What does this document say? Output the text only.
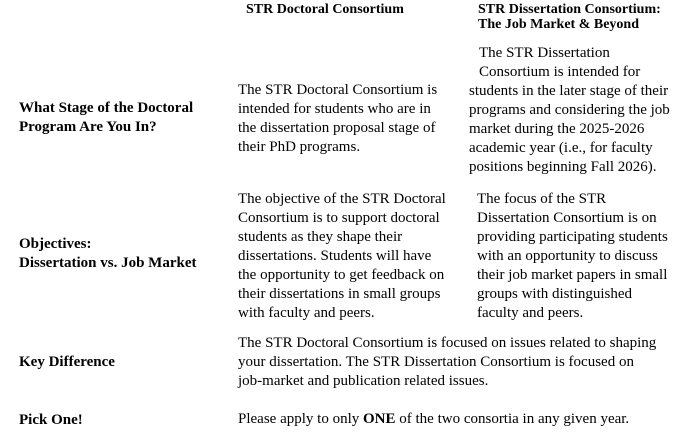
STR Doctoral Consortium	STR Dissertation Consortium:
The Job Market & Beyond
What Stage of the Doctoral
Program Are You In?

The STR Doctoral Consortium is

intended for students who are in

the dissertation proposal stage of

their PhD programs.

The STR Dissertation

Consortium is intended for

students in the later stage of their

programs and considering the job

market during the 2025-2026

academic year (i.e., for faculty

positions beginning Fall 2026).

Objectives:
Dissertation vs. Job Market

The objective of the STR Doctoral

Consortium is to support doctoral

students as they shape their

dissertations. Students will have

the opportunity to get feedback on

their dissertations in small groups

with faculty and peers.

The focus of the STR

Dissertation Consortium is on

providing participating students

with an opportunity to discuss

their job market papers in small

groups with distinguished

faculty and peers.

Key Difference

The STR Doctoral Consortium is focused on issues related to shaping

your dissertation. The STR Dissertation Consortium is focused on

job-market and publication related issues.

Pick One!	Please apply to only ONE of the two consortia in any given year.
